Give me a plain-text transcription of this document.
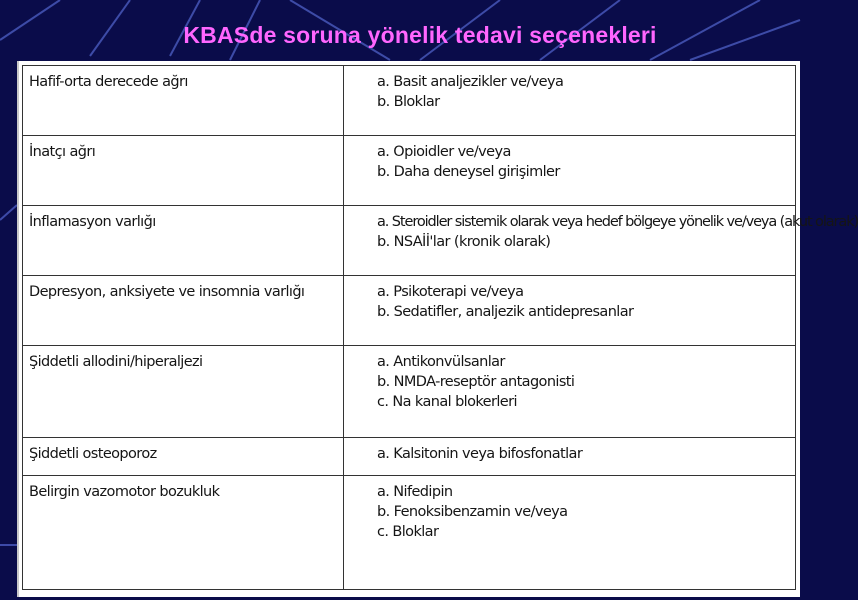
KBASde soruna yönelik tedavi seçenekleri
Hafif-orta derecede ağrı	a. Basit analjezikler ve/veya
b. Bloklar

İnatçı ağrı	a. Opioidler ve/veya
b. Daha deneysel girişimler

İnflamasyon varlığı	a. Steroidler sistemik olarak veya hedef bölgeye yönelik ve/veya (akut olarak)
b. NSAİİ'lar (kronik olarak)

Depresyon, anksiyete ve insomnia varlığı	a. Psikoterapi ve/veya
b. Sedatifler, analjezik antidepresanlar

Şiddetli allodini/hiperaljezi	a. Antikonvülsanlar
b. NMDA-reseptör antagonisti
c. Na kanal blokerleri

Şiddetli osteoporoz	a. Kalsitonin veya bifosfonatlar

Belirgin vazomotor bozukluk	a. Nifedipin
b. Fenoksibenzamin ve/veya
c. Bloklar
